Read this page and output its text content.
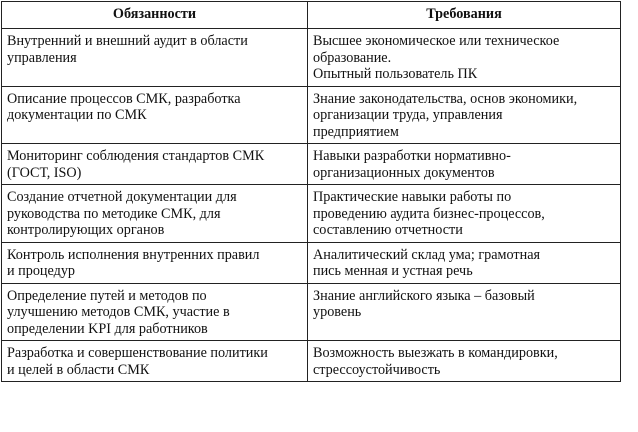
Обязанности	Требования

Внутренний и внешний аудит в области
управления	Высшее экономическое или техническое
образование.
Опытный пользователь ПК

Описание процессов СМК, разработка
документации по СМК	Знание законодательства, основ экономики,
организации труда, управления
предприятием

Мониторинг соблюдения стандартов СМК
(ГОСТ, ISO)	Навыки разработки нормативно-
организационных документов

Создание отчетной документации для
руководства по методике СМК, для
контролирующих органов	Практические навыки работы по
проведению аудита бизнес-процессов,
составлению отчетности

Контроль исполнения внутренних правил
и процедур	Аналитический склад ума; грамотная
пись менная и устная речь

Определение путей и методов по
улучшению методов СМК, участие в
определении KPI для работников	Знание английского языка – базовый
уровень

Разработка и совершенствование политики
и целей в области СМК	Возможность выезжать в командировки,
стрессоустойчивость
